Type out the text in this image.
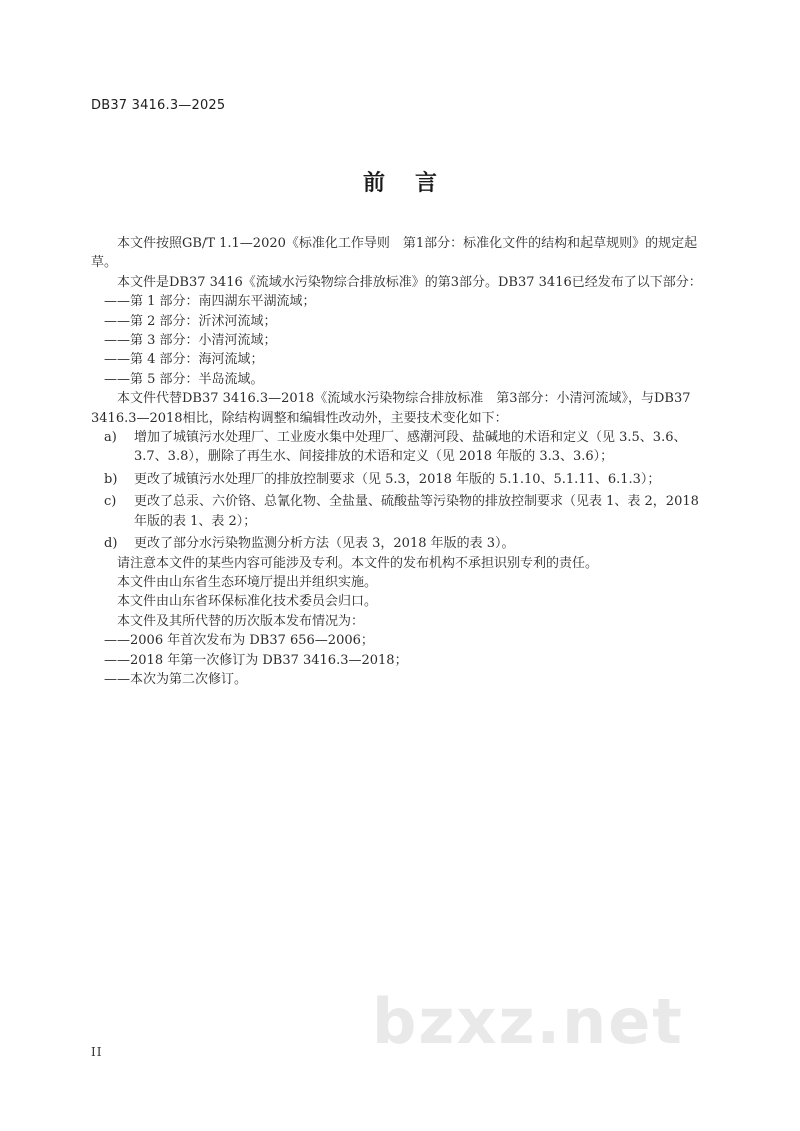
DB37 3416.3—2025
前言

本文件按照GB/T 1.1—2020《标准化工作导则　第1部分：标准化文件的结构和起草规则》的规定起草。

本文件是DB37 3416《流域水污染物综合排放标准》的第3部分。DB37 3416已经发布了以下部分：

——第 1 部分：南四湖东平湖流域；

——第 2 部分：沂沭河流域；

——第 3 部分：小清河流域；

——第 4 部分：海河流域；

——第 5 部分：半岛流域。

本文件代替DB37 3416.3—2018《流域水污染物综合排放标准　第3部分：小清河流域》，与DB37 3416.3—2018相比，除结构调整和编辑性改动外，主要技术变化如下：

a)	增加了城镇污水处理厂、工业废水集中处理厂、感潮河段、盐碱地的术语和定义（见 3.5、3.6、3.7、3.8），删除了再生水、间接排放的术语和定义（见 2018 年版的 3.3、3.6）；
b)	更改了城镇污水处理厂的排放控制要求（见 5.3，2018 年版的 5.1.10、5.1.11、6.1.3）；
c)	更改了总汞、六价铬、总氰化物、全盐量、硫酸盐等污染物的排放控制要求（见表 1、表 2，2018 年版的表 1、表 2）；
d)	更改了部分水污染物监测分析方法（见表 3，2018 年版的表 3）。

请注意本文件的某些内容可能涉及专利。本文件的发布机构不承担识别专利的责任。

本文件由山东省生态环境厅提出并组织实施。

本文件由山东省环保标准化技术委员会归口。

本文件及其所代替的历次版本发布情况为：

——2006 年首次发布为 DB37 656—2006；

——2018 年第一次修订为 DB37 3416.3—2018；

——本次为第二次修订。

bzxz.net
II
